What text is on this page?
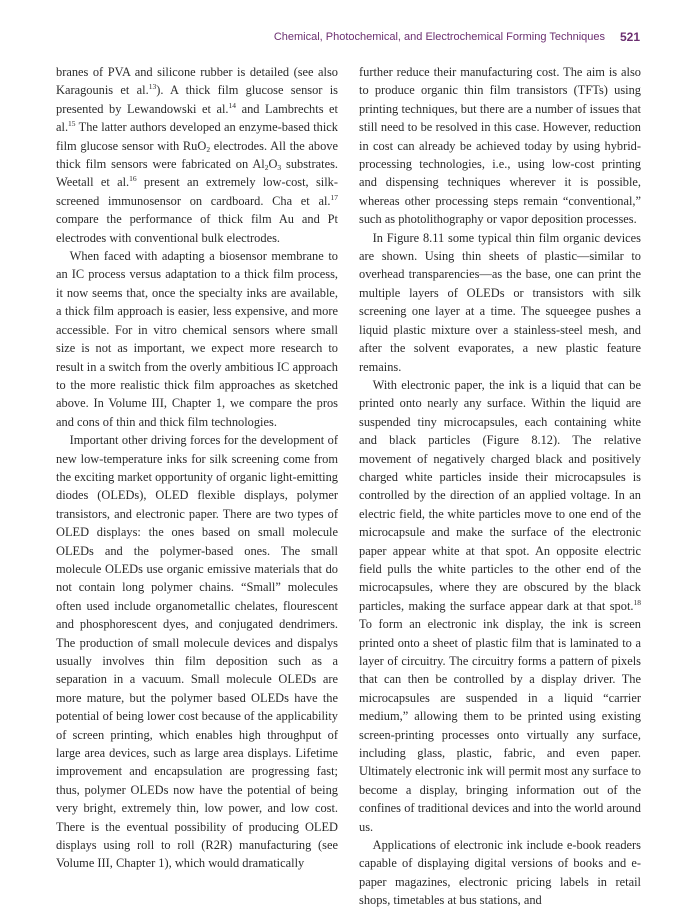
Chemical, Photochemical, and Electrochemical Forming Techniques 521

branes of PVA and silicone rubber is detailed (see also Karagounis et al.$^{13}$). A thick film glucose sensor is presented by Lewandowski et al.$^{14}$ and Lambrechts et al.$^{15}$ The latter authors developed an enzyme-based thick film glucose sensor with RuO$_2$ electrodes. All the above thick film sensors were fabricated on $Al_2O_3$ substrates. Weetall et al.$^{16}$ present an extremely low-cost, silk-screened immunosensor on cardboard. Cha et al.$^{17}$ compare the performance of thick film Au and Pt electrodes with conventional bulk electrodes.

When faced with adapting a biosensor membrane to an IC process versus adaptation to a thick film process, it now seems that, once the specialty inks are available, a thick film approach is easier, less expensive, and more accessible. For in vitro chemical sensors where small size is not as important, we expect more research to result in a switch from the overly ambitious IC approach to the more realistic thick film approaches as sketched above. In Volume III, Chapter 1, we compare the pros and cons of thin and thick film technologies.

Important other driving forces for the development of new low-temperature inks for silk screening come from the exciting market opportunity of organic light-emitting diodes (OLEDs), OLED flexible displays, polymer transistors, and electronic paper. There are two types of OLED displays: the ones based on small molecule OLEDs and the polymer-based ones. The small molecule OLEDs use organic emissive materials that do not contain long polymer chains. “Small” molecules often used include organometallic chelates, flourescent and phosphorescent dyes, and conjugated dendrimers. The production of small molecule devices and dispalys usually involves thin film deposition such as a separation in a vacuum. Small molecule OLEDs are more mature, but the polymer based OLEDs have the potential of being lower cost because of the applicability of screen printing, which enables high throughput of large area devices, such as large area displays. Lifetime improvement and encapsulation are progressing fast; thus, polymer OLEDs now have the potential of being very bright, extremely thin, low power, and low cost. There is the eventual possibility of producing OLED displays using roll to roll (R2R) manufacturing (see Volume III, Chapter 1), which would dramatically

further reduce their manufacturing cost. The aim is also to produce organic thin film transistors (TFTs) using printing techniques, but there are a number of issues that still need to be resolved in this case. However, reduction in cost can already be achieved today by using hybrid-processing technologies, i.e., using low-cost printing and dispensing techniques wherever it is possible, whereas other processing steps remain “conventional,” such as photolithography or vapor deposition processes.

In Figure 8.11 some typical thin film organic devices are shown. Using thin sheets of plastic—similar to overhead transparencies—as the base, one can print the multiple layers of OLEDs or transistors with silk screening one layer at a time. The squeegee pushes a liquid plastic mixture over a stainless-steel mesh, and after the solvent evaporates, a new plastic feature remains.

With electronic paper, the ink is a liquid that can be printed onto nearly any surface. Within the liquid are suspended tiny microcapsules, each containing white and black particles (Figure 8.12). The relative movement of negatively charged black and positively charged white particles inside their microcapsules is controlled by the direction of an applied voltage. In an electric field, the white particles move to one end of the microcapsule and make the surface of the electronic paper appear white at that spot. An opposite electric field pulls the white particles to the other end of the microcapsules, where they are obscured by the black particles, making the surface appear dark at that spot.$^{18}$ To form an electronic ink display, the ink is screen printed onto a sheet of plastic film that is laminated to a layer of circuitry. The circuitry forms a pattern of pixels that can then be controlled by a display driver. The microcapsules are suspended in a liquid “carrier medium,” allowing them to be printed using existing screen-printing processes onto virtually any surface, including glass, plastic, fabric, and even paper. Ultimately electronic ink will permit most any surface to become a display, bringing information out of the confines of traditional devices and into the world around us.

Applications of electronic ink include e-book readers capable of displaying digital versions of books and e-paper magazines, electronic pricing labels in retail shops, timetables at bus stations, and
